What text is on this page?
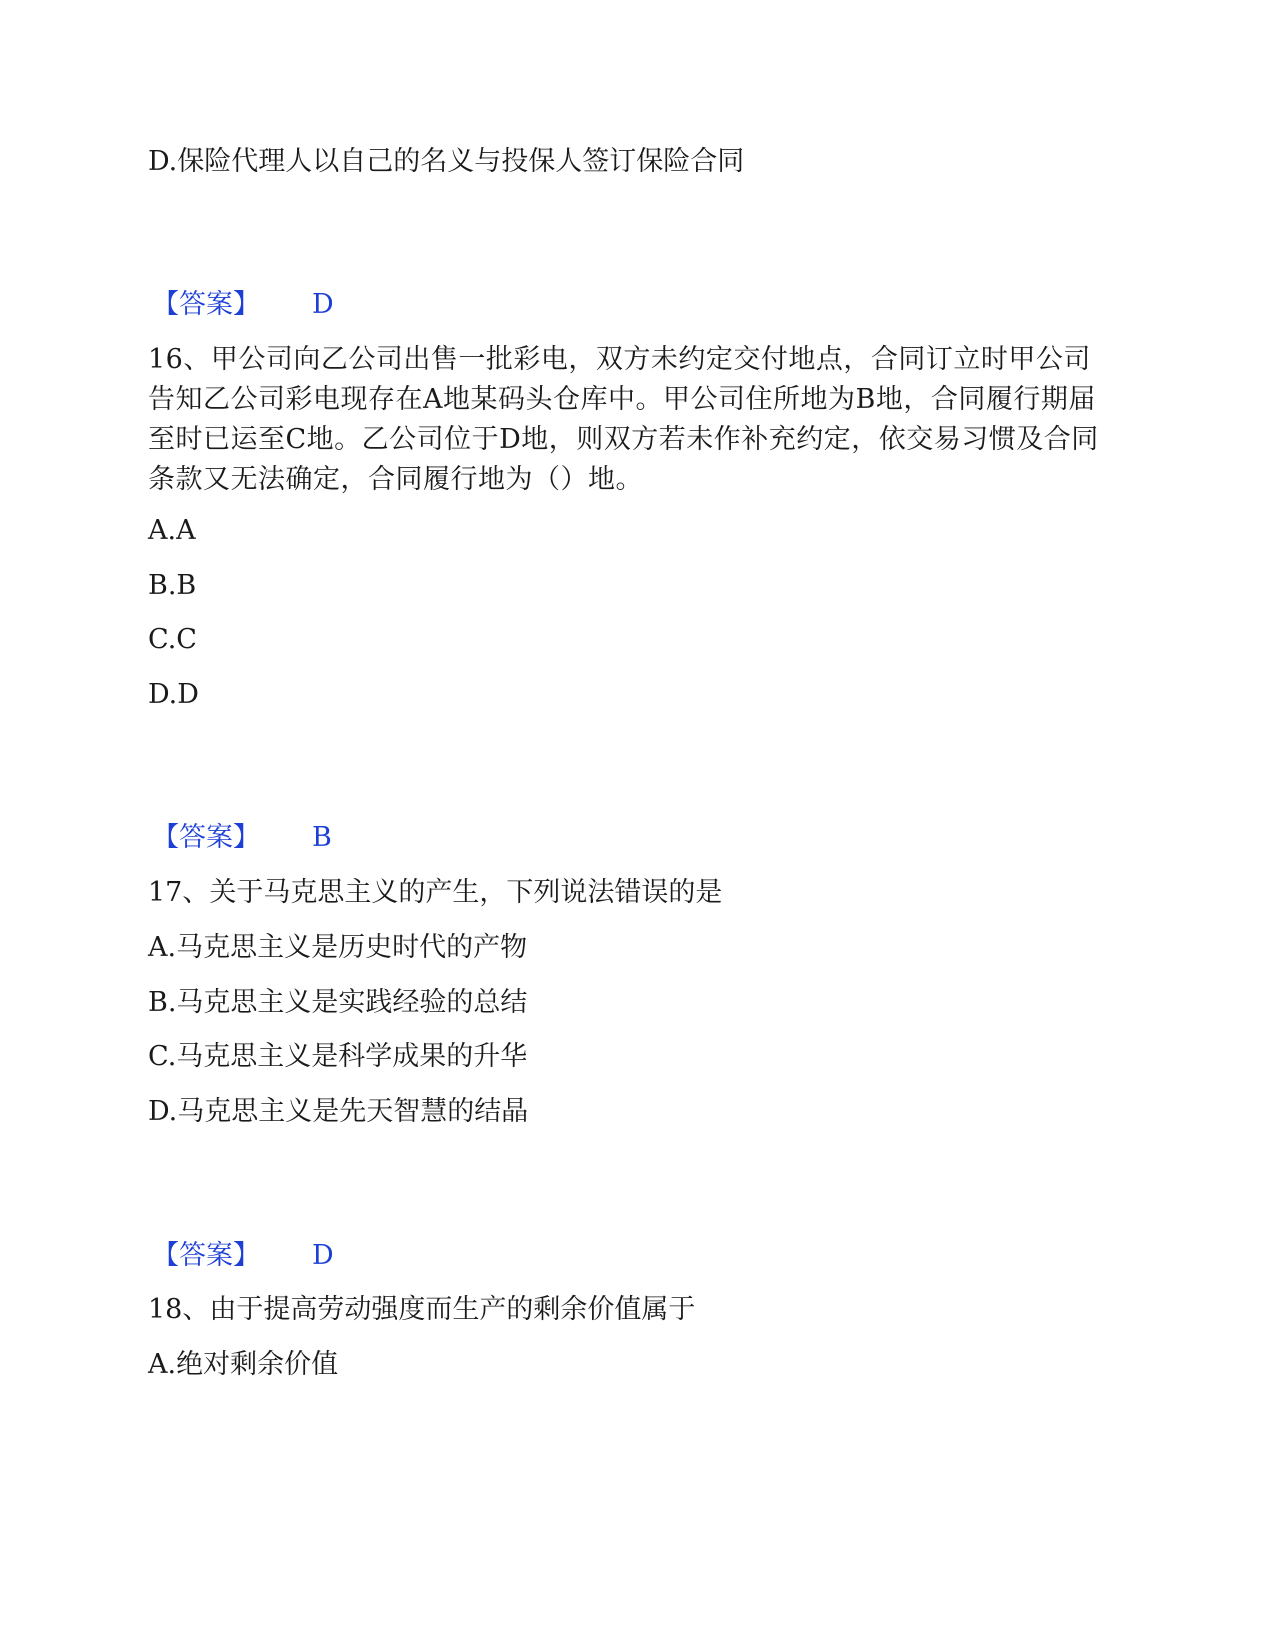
D.保险代理人以自己的名义与投保人签订保险合同
【答案】 D
16、甲公司向乙公司出售一批彩电，双方未约定交付地点，合同订立时甲公司告知乙公司彩电现存在A地某码头仓库中。甲公司住所地为B地，合同履行期届至时已运至C地。乙公司位于D地，则双方若未作补充约定，依交易习惯及合同条款又无法确定，合同履行地为（）地。
A.A
B.B
C.C
D.D
【答案】 B
17、关于马克思主义的产生，下列说法错误的是
A.马克思主义是历史时代的产物
B.马克思主义是实践经验的总结
C.马克思主义是科学成果的升华
D.马克思主义是先天智慧的结晶
【答案】 D
18、由于提高劳动强度而生产的剩余价值属于
A.绝对剩余价值
